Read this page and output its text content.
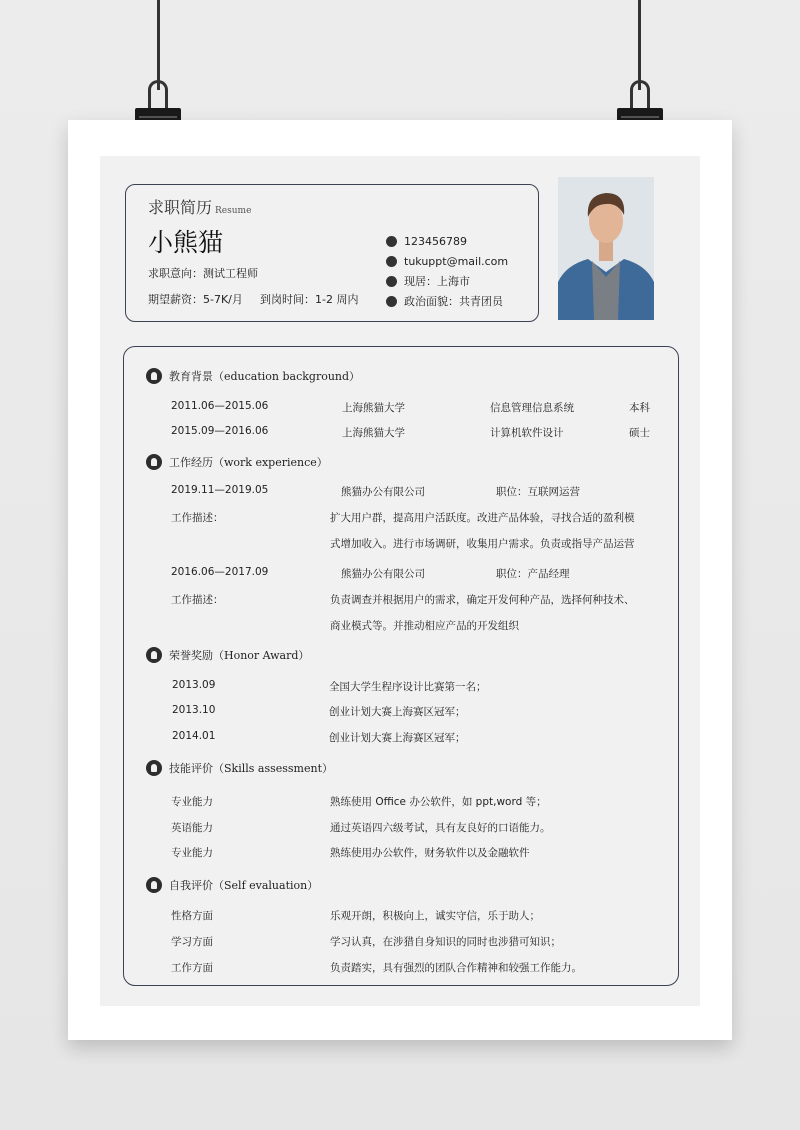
求职简历 Resume
小熊猫
求职意向：测试工程师
期望薪资：5-7K/月 到岗时间：1-2 周内
123456789
tukuppt@mail.com
现居：上海市
政治面貌：共青团员
教育背景（education background）
2011.06—2015.06	上海熊猫大学	信息管理信息系统	本科
2015.09—2016.06	上海熊猫大学	计算机软件设计	硕士
工作经历（work experience）
2019.11—2019.05	熊猫办公有限公司	职位：互联网运营
工作描述：	扩大用户群，提高用户活跃度。改进产品体验，寻找合适的盈利模
式增加收入。进行市场调研，收集用户需求。负责或指导产品运营
2016.06—2017.09	熊猫办公有限公司	职位：产品经理
工作描述：	负责调查并根据用户的需求，确定开发何种产品，选择何种技术、
商业模式等。并推动相应产品的开发组织
荣誉奖励（Honor Award）
2013.09	全国大学生程序设计比赛第一名；
2013.10	创业计划大赛上海赛区冠军；
2014.01	创业计划大赛上海赛区冠军；
技能评价（Skills assessment）
专业能力	熟练使用 Office 办公软件，如 ppt,word 等；
英语能力	通过英语四六级考试，具有友良好的口语能力。
专业能力	熟练使用办公软件，财务软件以及金融软件
自我评价（Self evaluation）
性格方面	乐观开朗，积极向上，诚实守信，乐于助人；
学习方面	学习认真，在涉猎自身知识的同时也涉猎可知识；
工作方面	负责踏实，具有强烈的团队合作精神和较强工作能力。
